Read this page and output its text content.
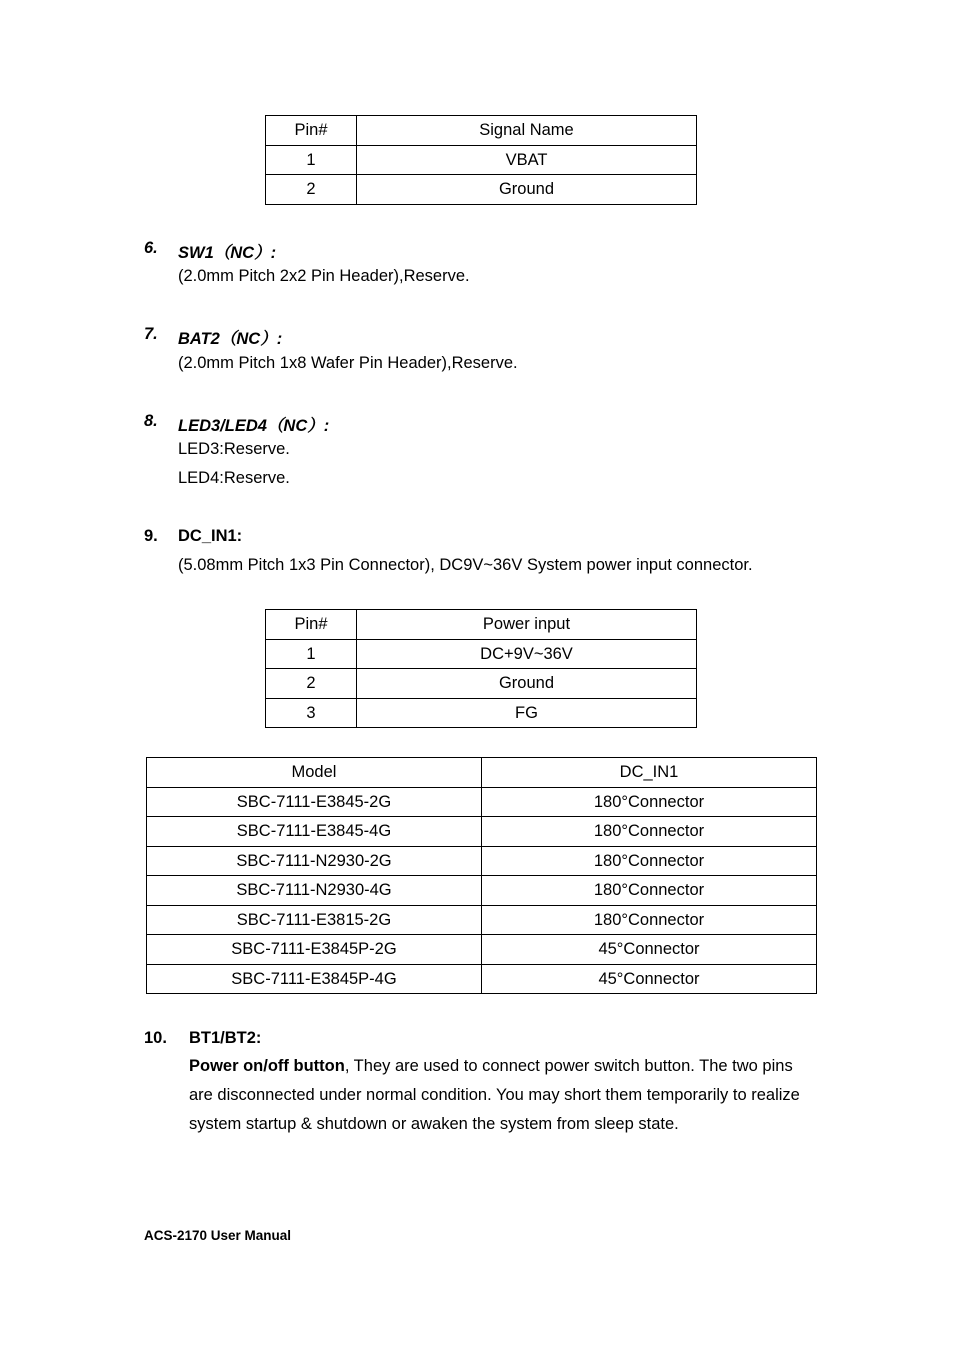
Pin#	Signal Name
1	VBAT
2	Ground
6. SW1（NC）:
(2.0mm Pitch 2x2 Pin Header),Reserve.
7. BAT2（NC）:
(2.0mm Pitch 1x8 Wafer Pin Header),Reserve.
8. LED3/LED4（NC）:
LED3:Reserve.
LED4:Reserve.
9. DC_IN1:
(5.08mm Pitch 1x3 Pin Connector), DC9V~36V System power input connector.
Pin#	Power input
1	DC+9V~36V
2	Ground
3	FG
Model	DC_IN1
SBC-7111-E3845-2G	180°Connector
SBC-7111-E3845-4G	180°Connector
SBC-7111-N2930-2G	180°Connector
SBC-7111-N2930-4G	180°Connector
SBC-7111-E3815-2G	180°Connector
SBC-7111-E3845P-2G	45°Connector
SBC-7111-E3845P-4G	45°Connector
10. BT1/BT2:
Power on/off button, They are used to connect power switch button. The two pins are disconnected under normal condition. You may short them temporarily to realize system startup & shutdown or awaken the system from sleep state.
ACS-2170 User Manual
